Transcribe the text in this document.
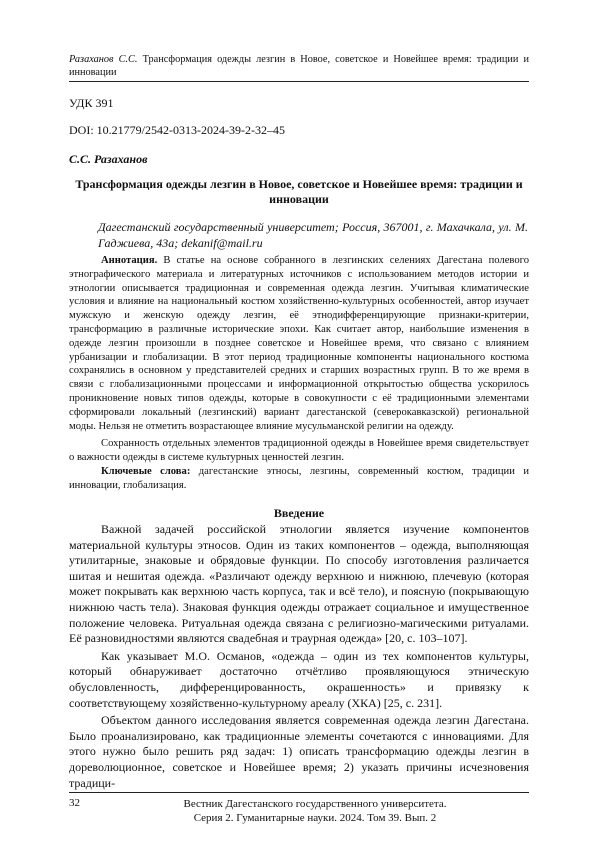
Разаханов С.С. Трансформация одежды лезгин в Новое, советское и Новейшее время: традиции и инновации
УДК 391
DOI: 10.21779/2542-0313-2024-39-2-32–45
С.С. Разаханов
Трансформация одежды лезгин в Новое, советское и Новейшее время: традиции и инновации
Дагестанский государственный университет; Россия, 367001, г. Махачкала, ул. М. Гаджиева, 43а; dekanif@mail.ru

Аннотация. В статье на основе собранного в лезгинских селениях Дагестана полевого этнографического материала и литературных источников с использованием методов истории и этнологии описывается традиционная и современная одежда лезгин. Учитывая климатические условия и влияние на национальный костюм хозяйственно-культурных особенностей, автор изучает мужскую и женскую одежду лезгин, её этнодифференцирующие признаки-критерии, трансформацию в различные исторические эпохи. Как считает автор, наибольшие изменения в одежде лезгин произошли в позднее советское и Новейшее время, что связано с влиянием урбанизации и глобализации. В этот период традиционные компоненты национального костюма сохранялись в основном у представителей средних и старших возрастных групп. В то же время в связи с глобализационными процессами и информационной открытостью общества ускорилось проникновение новых типов одежды, которые в совокупности с её традиционными элементами сформировали локальный (лезгинский) вариант дагестанской (северокавказской) региональной моды. Нельзя не отметить возрастающее влияние мусульманской религии на одежду.

Сохранность отдельных элементов традиционной одежды в Новейшее время свидетельствует о важности одежды в системе культурных ценностей лезгин.

Ключевые слова: дагестанские этносы, лезгины, современный костюм, традиции и инновации, глобализация.

Введение

Важной задачей российской этнологии является изучение компонентов материальной культуры этносов. Один из таких компонентов – одежда, выполняющая утилитарные, знаковые и обрядовые функции. По способу изготовления различается шитая и нешитая одежда. «Различают одежду верхнюю и нижнюю, плечевую (которая может покрывать как верхнюю часть корпуса, так и всё тело), и поясную (покрывающую нижнюю часть тела). Знаковая функция одежды отражает социальное и имущественное положение человека. Ритуальная одежда связана с религиозно-магическими ритуалами. Её разновидностями являются свадебная и траурная одежда» [20, с. 103–107].

Как указывает М.О. Османов, «одежда – один из тех компонентов культуры, который обнаруживает достаточно отчётливо проявляющуюся этническую обусловленность, дифференцированность, окрашенность» и привязку к соответствующему хозяйственно-культурному ареалу (ХКА) [25, с. 231].

Объектом данного исследования является современная одежда лезгин Дагестана. Было проанализировано, как традиционные элементы сочетаются с инновациями. Для этого нужно было решить ряд задач: 1) описать трансформацию одежды лезгин в дореволюционное, советское и Новейшее время; 2) указать причины исчезновения традици-

32	Вестник Дагестанского государственного университета.
Серия 2. Гуманитарные науки. 2024. Том 39. Вып. 2
